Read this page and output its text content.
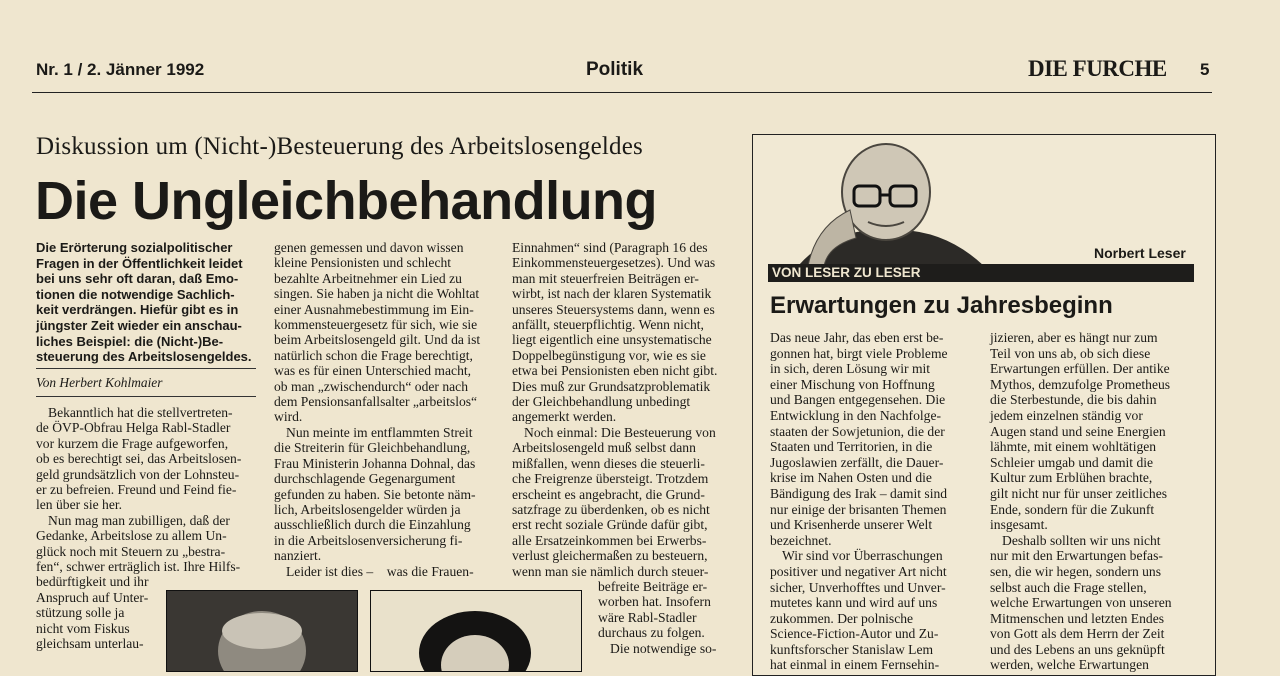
Nr. 1 / 2. Jänner 1992	Politik	DIE FURCHE 5
Diskussion um (Nicht-)Besteuerung des Arbeitslosengeldes
Die Ungleichbehandlung

Die Erörterung sozialpolitischer

Fragen in der Öffentlichkeit leidet

bei uns sehr oft daran, daß Emo-

tionen die notwendige Sachlich-

keit verdrängen. Hiefür gibt es in

jüngster Zeit wieder ein anschau-

liches Beispiel: die (Nicht-)Be-

steuerung des Arbeitslosengeldes.

Von Herbert Kohlmaier

Bekanntlich hat die stellvertreten-

de ÖVP-Obfrau Helga Rabl-Stadler

vor kurzem die Frage aufgeworfen,

ob es berechtigt sei, das Arbeitslosen-

geld grundsätzlich von der Lohnsteu-

er zu befreien. Freund und Feind fie-

len über sie her.

Nun mag man zubilligen, daß der

Gedanke, Arbeitslose zu allem Un-

glück noch mit Steuern zu „bestra-

fen“, schwer erträglich ist. Ihre Hilfs-

bedürftigkeit und ihr

Anspruch auf Unter-

stützung solle ja

nicht vom Fiskus

gleichsam unterlau-

genen gemessen und davon wissen

kleine Pensionisten und schlecht

bezahlte Arbeitnehmer ein Lied zu

singen. Sie haben ja nicht die Wohltat

einer Ausnahmebestimmung im Ein-

kommensteuergesetz für sich, wie sie

beim Arbeitslosengeld gilt. Und da ist

natürlich schon die Frage berechtigt,

was es für einen Unterschied macht,

ob man „zwischendurch“ oder nach

dem Pensionsanfallsalter „arbeitslos“

wird.

Nun meinte im entflammten Streit

die Streiterin für Gleichbehandlung,

Frau Ministerin Johanna Dohnal, das

durchschlagende Gegenargument

gefunden zu haben. Sie betonte näm-

lich, Arbeitslosengelder würden ja

ausschließlich durch die Einzahlung

in die Arbeitslosenversicherung fi-

nanziert.

Leider ist dies –    was die Frauen-

Einnahmen“ sind (Paragraph 16 des

Einkommensteuergesetzes). Und was

man mit steuerfreien Beiträgen er-

wirbt, ist nach der klaren Systematik

unseres Steuersystems dann, wenn es

anfällt, steuerpflichtig. Wenn nicht,

liegt eigentlich eine unsystematische

Doppelbegünstigung vor, wie es sie

etwa bei Pensionisten eben nicht gibt.

Dies muß zur Grundsatzproblematik

der Gleichbehandlung unbedingt

angemerkt werden.

Noch einmal: Die Besteuerung von

Arbeitslosengeld muß selbst dann

mißfallen, wenn dieses die steuerli-

che Freigrenze übersteigt. Trotzdem

erscheint es angebracht, die Grund-

satzfrage zu überdenken, ob es nicht

erst recht soziale Gründe dafür gibt,

alle Ersatzeinkommen bei Erwerbs-

verlust gleichermaßen zu besteuern,

wenn man sie nämlich durch steuer-

befreite Beiträge er-

worben hat. Insofern

wäre Rabl-Stadler

durchaus zu folgen.

Die notwendige so-

Norbert Leser
VON LESER ZU LESER
Erwartungen zu Jahresbeginn

Das neue Jahr, das eben erst be-

gonnen hat, birgt viele Probleme

in sich, deren Lösung wir mit

einer Mischung von Hoffnung

und Bangen entgegensehen. Die

Entwicklung in den Nachfolge-

staaten der Sowjetunion, die der

Staaten und Territorien, in die

Jugoslawien zerfällt, die Dauer-

krise im Nahen Osten und die

Bändigung des Irak – damit sind

nur einige der brisanten Themen

und Krisenherde unserer Welt

bezeichnet.

Wir sind vor Überraschungen

positiver und negativer Art nicht

sicher, Unverhofftes und Unver-

mutetes kann und wird auf uns

zukommen. Der polnische

Science-Fiction-Autor und Zu-

kunftsforscher Stanislaw Lem

hat einmal in einem Fernsehin-

jizieren, aber es hängt nur zum

Teil von uns ab, ob sich diese

Erwartungen erfüllen. Der antike

Mythos, demzufolge Prometheus

die Sterbestunde, die bis dahin

jedem einzelnen ständig vor

Augen stand und seine Energien

lähmte, mit einem wohltätigen

Schleier umgab und damit die

Kultur zum Erblühen brachte,

gilt nicht nur für unser zeitliches

Ende, sondern für die Zukunft

insgesamt.

Deshalb sollten wir uns nicht

nur mit den Erwartungen befas-

sen, die wir hegen, sondern uns

selbst auch die Frage stellen,

welche Erwartungen von unseren

Mitmenschen und letzten Endes

von Gott als dem Herrn der Zeit

und des Lebens an uns geknüpft

werden, welche Erwartungen
